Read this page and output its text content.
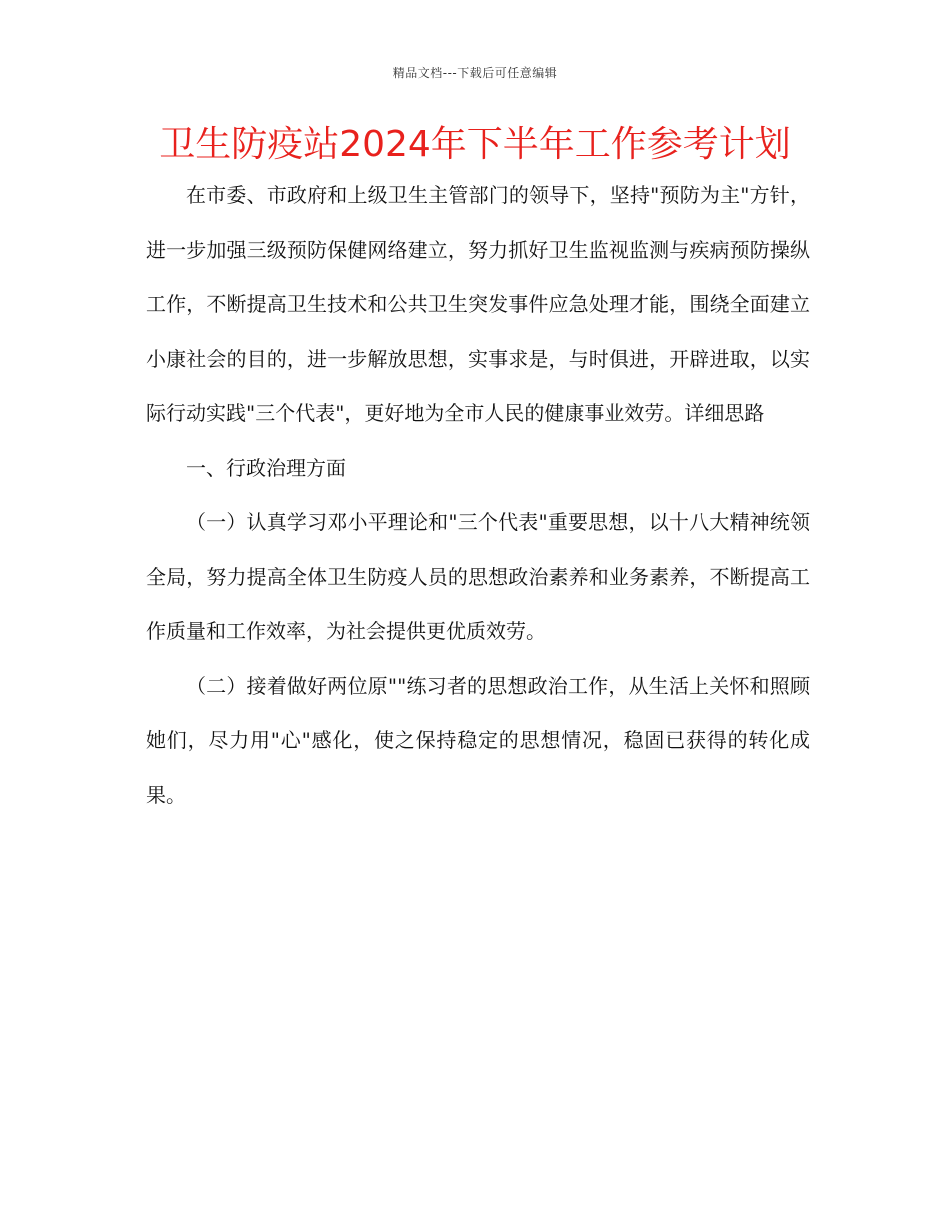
精品文档---下载后可任意编辑
卫生防疫站2024年下半年工作参考计划

在市委、市政府和上级卫生主管部门的领导下，坚持"预防为主"方针，进一步加强三级预防保健网络建立，努力抓好卫生监视监测与疾病预防操纵工作，不断提高卫生技术和公共卫生突发事件应急处理才能，围绕全面建立小康社会的目的，进一步解放思想，实事求是，与时俱进，开辟进取，以实际行动实践"三个代表"，更好地为全市人民的健康事业效劳。详细思路

一、行政治理方面

（一）认真学习邓小平理论和"三个代表"重要思想，以十八大精神统领全局，努力提高全体卫生防疫人员的思想政治素养和业务素养，不断提高工作质量和工作效率，为社会提供更优质效劳。

（二）接着做好两位原""练习者的思想政治工作，从生活上关怀和照顾她们，尽力用"心"感化，使之保持稳定的思想情况，稳固已获得的转化成果。
